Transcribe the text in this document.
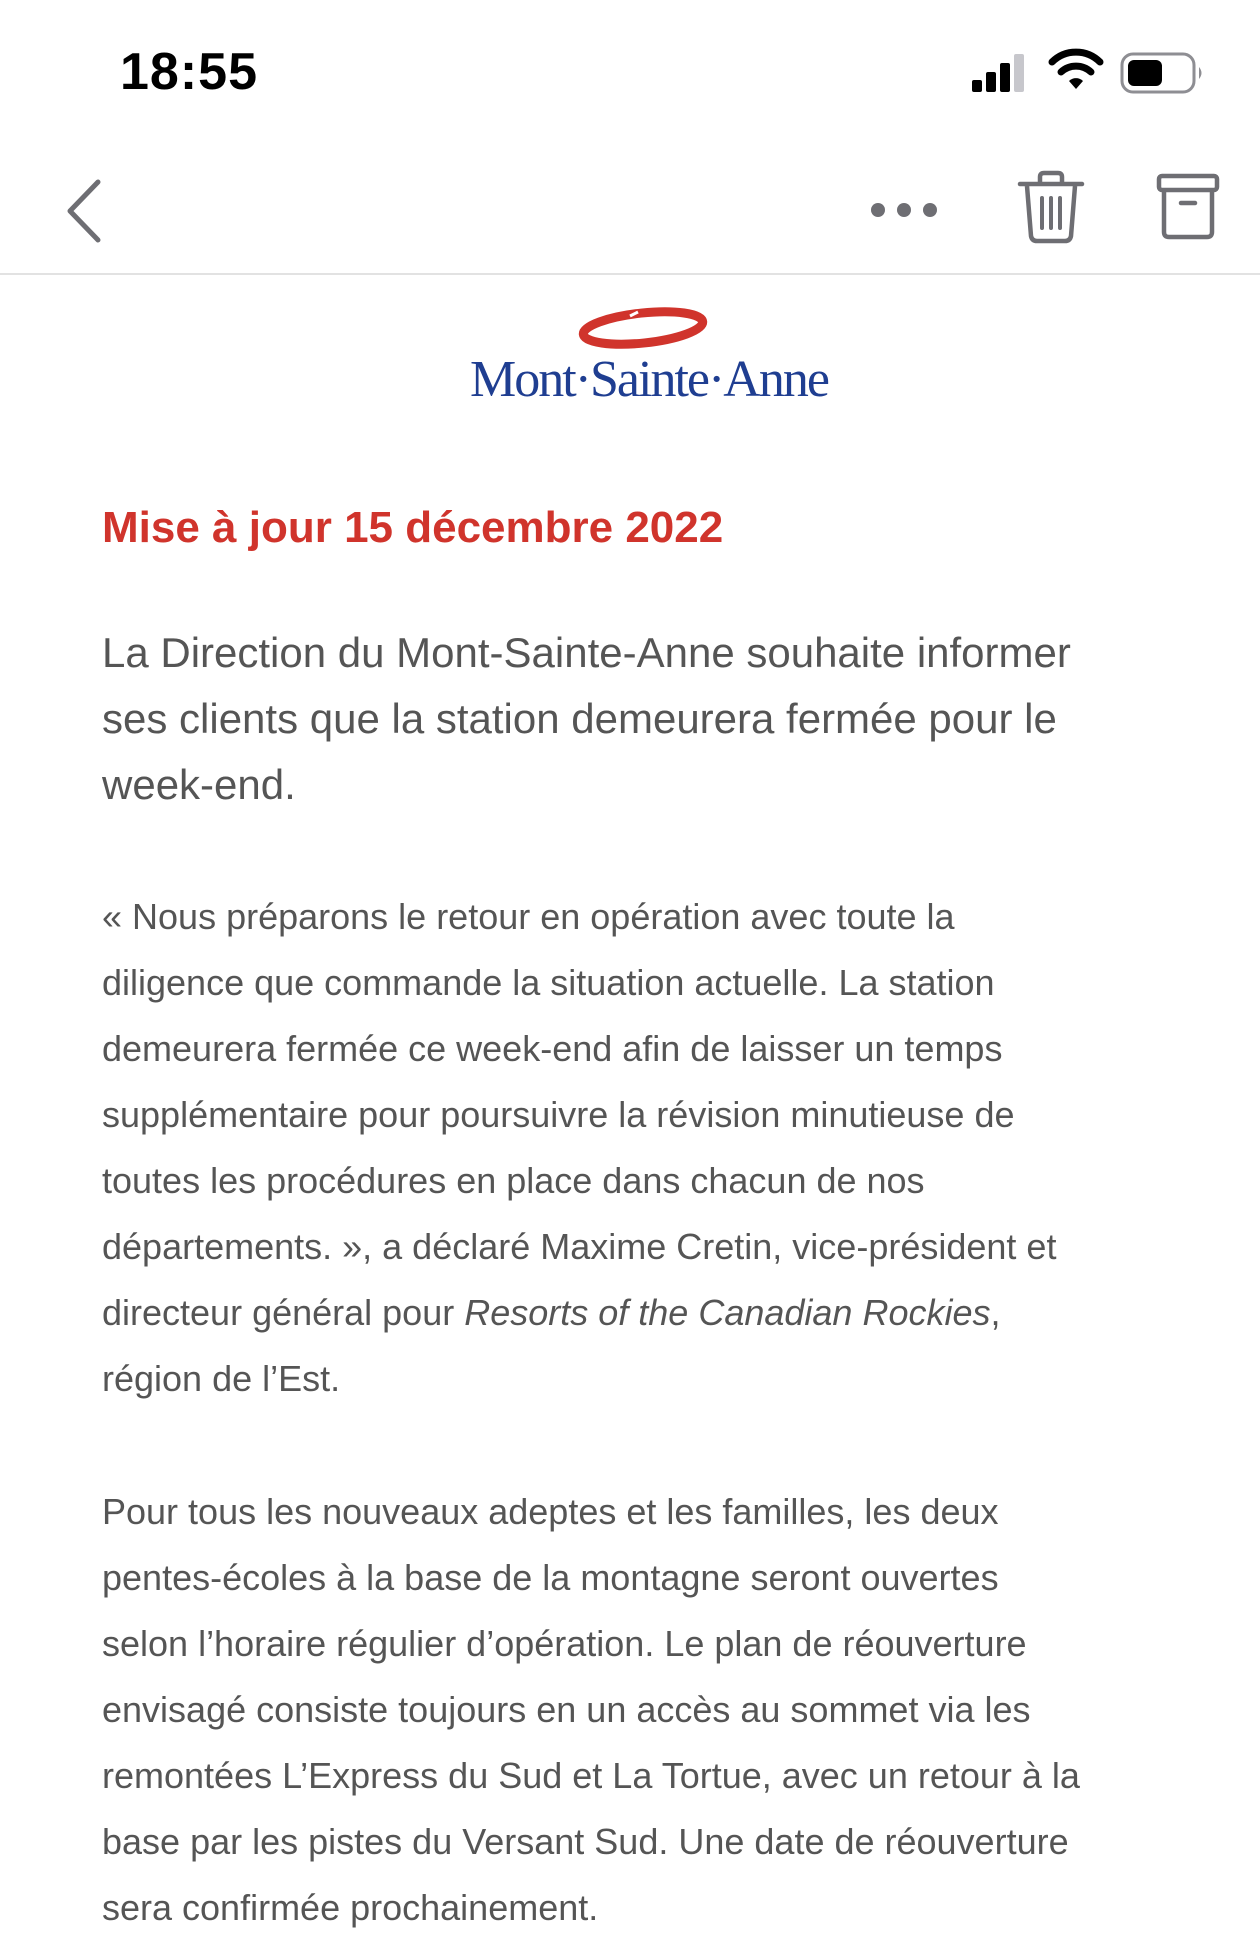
18:55
Mont·Sainte·Anne
Mise à jour 15 décembre 2022
La Direction du Mont-Sainte-Anne souhaite informer
ses clients que la station demeurera fermée pour le
week-end.
« Nous préparons le retour en opération avec toute la
diligence que commande la situation actuelle. La station
demeurera fermée ce week-end afin de laisser un temps
supplémentaire pour poursuivre la révision minutieuse de
toutes les procédures en place dans chacun de nos
départements. », a déclaré Maxime Cretin, vice-président et
directeur général pour Resorts of the Canadian Rockies,
région de l’Est.
Pour tous les nouveaux adeptes et les familles, les deux
pentes-écoles à la base de la montagne seront ouvertes
selon l’horaire régulier d’opération. Le plan de réouverture
envisagé consiste toujours en un accès au sommet via les
remontées L’Express du Sud et La Tortue, avec un retour à la
base par les pistes du Versant Sud. Une date de réouverture
sera confirmée prochainement.
